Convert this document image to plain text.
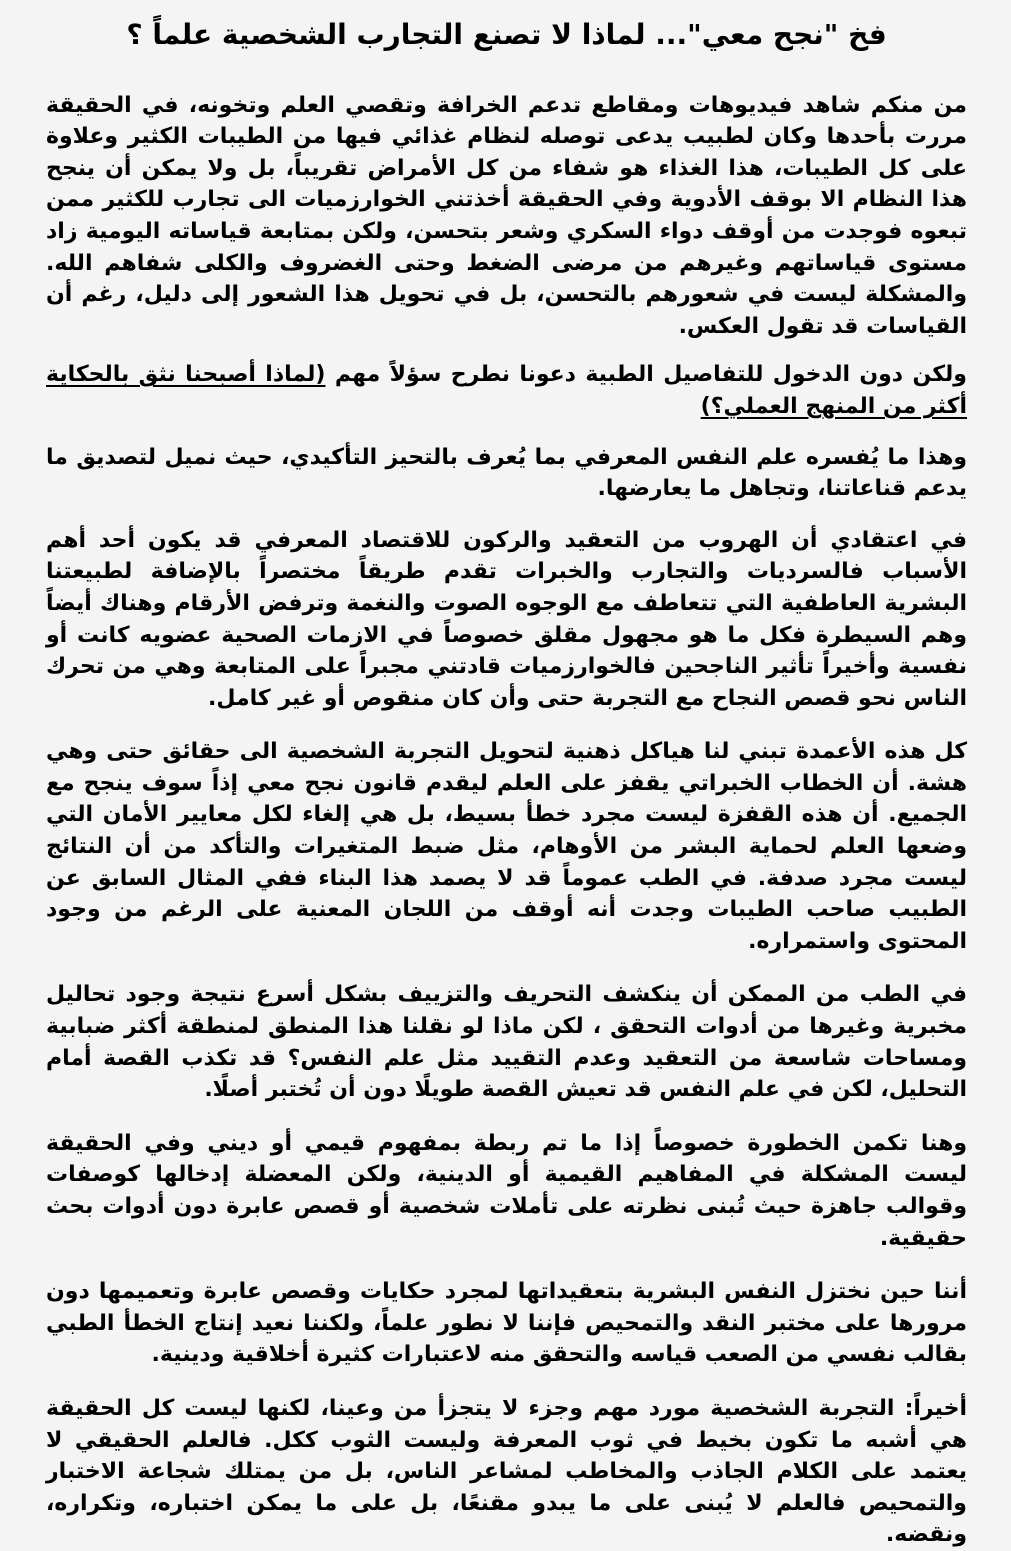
فخ "نجح معي"... لماذا لا تصنع التجارب الشخصية علماً ؟

من منكم شاهد فيديوهات ومقاطع تدعم الخرافة وتقصي العلم وتخونه، في الحقيقة مررت بأحدها وكان لطبيب يدعى توصله لنظام غذائي فيها من الطيبات الكثير وعلاوة على كل الطيبات، هذا الغذاء هو شفاء من كل الأمراض تقريباً، بل ولا يمكن أن ينجح هذا النظام الا بوقف الأدوية وفي الحقيقة أخذتني الخوارزميات الى تجارب للكثير ممن تبعوه فوجدت من أوقف دواء السكري وشعر بتحسن، ولكن بمتابعة قياساته اليومية زاد مستوى قياساتهم وغيرهم من مرضى الضغط وحتى الغضروف والكلى شفاهم الله. والمشكلة ليست في شعورهم بالتحسن، بل في تحويل هذا الشعور إلى دليل، رغم أن القياسات قد تقول العكس.

ولكن دون الدخول للتفاصيل الطبية دعونا نطرح سؤلاً مهم (لماذا أصبحنا نثق بالحكاية أكثر من المنهج العملي؟)

وهذا ما يُفسره علم النفس المعرفي بما يُعرف بالتحيز التأكيدي، حيث نميل لتصديق ما يدعم قناعاتنا، وتجاهل ما يعارضها.

في اعتقادي أن الهروب من التعقيد والركون للاقتصاد المعرفي قد يكون أحد أهم الأسباب فالسرديات والتجارب والخبرات تقدم طريقاً مختصراً بالإضافة لطبيعتنا البشرية العاطفية التي تتعاطف مع الوجوه الصوت والنغمة وترفض الأرقام وهناك أيضاً وهم السيطرة فكل ما هو مجهول مقلق خصوصاً في الازمات الصحية عضويه كانت أو نفسية وأخيراً تأثير الناجحين فالخوارزميات قادتني مجبراً على المتابعة وهي من تحرك الناس نحو قصص النجاح مع التجربة حتى وأن كان منقوص أو غير كامل.

كل هذه الأعمدة تبني لنا هياكل ذهنية لتحويل التجربة الشخصية الى حقائق حتى وهي هشة. أن الخطاب الخبراتي يقفز على العلم ليقدم قانون نجح معي إذاً سوف ينجح مع الجميع. أن هذه القفزة ليست مجرد خطأ بسيط، بل هي إلغاء لكل معايير الأمان التي وضعها العلم لحماية البشر من الأوهام، مثل ضبط المتغيرات والتأكد من أن النتائج ليست مجرد صدفة. في الطب عموماً قد لا يصمد هذا البناء ففي المثال السابق عن الطبيب صاحب الطيبات وجدت أنه أوقف من اللجان المعنية على الرغم من وجود المحتوى واستمراره.

في الطب من الممكن أن ينكشف التحريف والتزييف بشكل أسرع نتيجة وجود تحاليل مخبرية وغيرها من أدوات التحقق ، لكن ماذا لو نقلنا هذا المنطق لمنطقة أكثر ضبابية ومساحات شاسعة من التعقيد وعدم التقييد مثل علم النفس؟ قد تكذب القصة أمام التحليل، لكن في علم النفس قد تعيش القصة طويلًا دون أن تُختبر أصلًا.

وهنا تكمن الخطورة خصوصاً إذا ما تم ربطة بمفهوم قيمي أو ديني وفي الحقيقة ليست المشكلة في المفاهيم القيمية أو الدينية، ولكن المعضلة إدخالها كوصفات وقوالب جاهزة حيث تُبنى نظرته على تأملات شخصية أو قصص عابرة دون أدوات بحث حقيقية.

أننا حين نختزل النفس البشرية بتعقيداتها لمجرد حكايات وقصص عابرة وتعميمها دون مرورها على مختبر النقد والتمحيص فإننا لا نطور علماً، ولكننا نعيد إنتاج الخطأ الطبي بقالب نفسي من الصعب قياسه والتحقق منه لاعتبارات كثيرة أخلاقية ودينية.

أخيراً: التجربة الشخصية مورد مهم وجزء لا يتجزأ من وعينا، لكنها ليست كل الحقيقة هي أشبه ما تكون بخيط في ثوب المعرفة وليست الثوب ككل. فالعلم الحقيقي لا يعتمد على الكلام الجاذب والمخاطب لمشاعر الناس، بل من يمتلك شجاعة الاختبار والتمحيص فالعلم لا يُبنى على ما يبدو مقنعًا، بل على ما يمكن اختباره، وتكراره، ونقضه.
